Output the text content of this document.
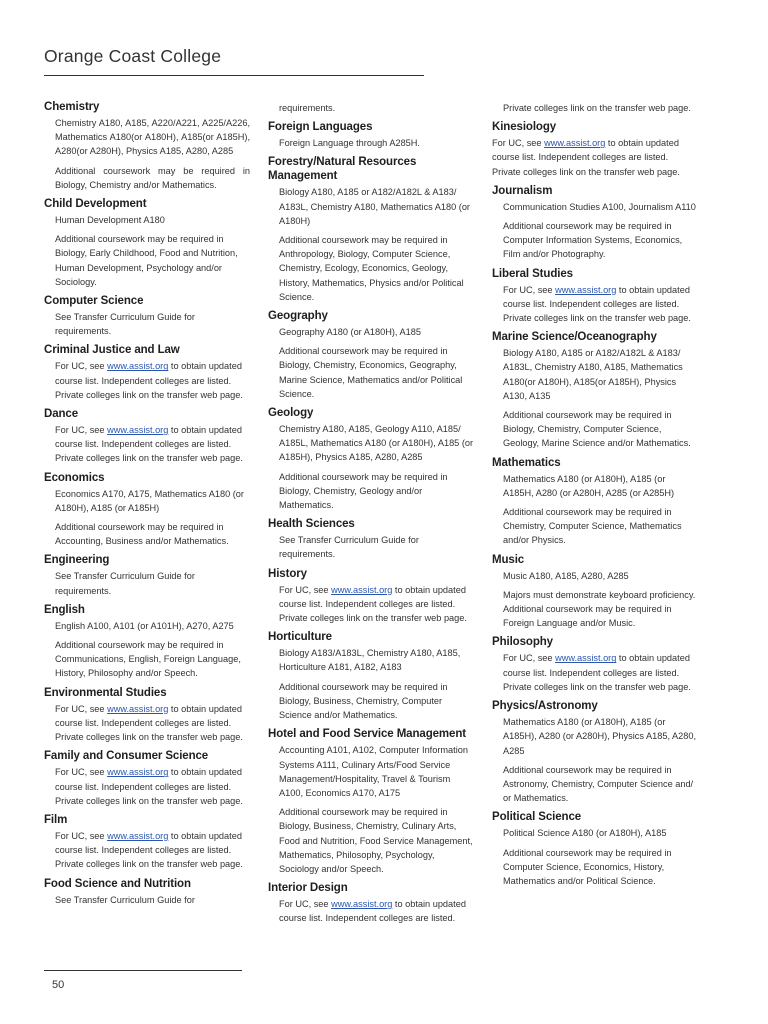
Orange Coast College
Chemistry

Chemistry A180, A185, A220/A221, A225/A226, Mathematics A180(or A180H), A185(or A185H), A280(or A280H), Physics A185, A280, A285

Additional coursework may be required in Biology, Chemistry and/or Mathematics.

Child Development

Human Development A180

Additional coursework may be required in Biology, Early Childhood, Food and Nutrition, Human Development, Psychology and/or Sociology.

Computer Science

See Transfer Curriculum Guide for requirements.

Criminal Justice and Law

For UC, see www.assist.org to obtain updated course list. Independent colleges are listed. Private colleges link on the transfer web page.

Dance

For UC, see www.assist.org to obtain updated course list. Independent colleges are listed. Private colleges link on the transfer web page.

Economics

Economics A170, A175, Mathematics A180 (or A180H), A185 (or A185H)

Additional coursework may be required in Accounting, Business and/or Mathematics.

Engineering

See Transfer Curriculum Guide for requirements.

English

English A100, A101 (or A101H), A270, A275

Additional coursework may be required in Communications, English, Foreign Language, History, Philosophy and/or Speech.

Environmental Studies

For UC, see www.assist.org to obtain updated course list. Independent colleges are listed. Private colleges link on the transfer web page.

Family and Consumer Science

For UC, see www.assist.org to obtain updated course list. Independent colleges are listed. Private colleges link on the transfer web page.

Film

For UC, see www.assist.org to obtain updated course list. Independent colleges are listed. Private colleges link on the transfer web page.

Food Science and Nutrition

See Transfer Curriculum Guide for

requirements.

Foreign Languages

Foreign Language through A285H.

Forestry/Natural Resources Management

Biology A180, A185 or A182/A182L & A183/ A183L, Chemistry A180, Mathematics A180 (or A180H)

Additional coursework may be required in Anthropology, Biology, Computer Science, Chemistry, Ecology, Economics, Geology, History, Mathematics, Physics and/or Political Science.

Geography

Geography A180 (or A180H), A185

Additional coursework may be required in Biology, Chemistry, Economics, Geography, Marine Science, Mathematics and/or Political Science.

Geology

Chemistry A180, A185, Geology A110, A185/ A185L, Mathematics A180 (or A180H), A185 (or A185H), Physics A185, A280, A285

Additional coursework may be required in Biology, Chemistry, Geology and/or Mathematics.

Health Sciences

See Transfer Curriculum Guide for requirements.

History

For UC, see www.assist.org to obtain updated course list. Independent colleges are listed. Private colleges link on the transfer web page.

Horticulture

Biology A183/A183L, Chemistry A180, A185, Horticulture A181, A182, A183

Additional coursework may be required in Biology, Business, Chemistry, Computer Science and/or Mathematics.

Hotel and Food Service Management

Accounting A101, A102, Computer Information Systems A111, Culinary Arts/Food Service Management/Hospitality, Travel & Tourism A100, Economics A170, A175

Additional coursework may be required in Biology, Business, Chemistry, Culinary Arts, Food and Nutrition, Food Service Management, Mathematics, Philosophy, Psychology, Sociology and/or Speech.

Interior Design

For UC, see www.assist.org to obtain updated course list. Independent colleges are listed.

Private colleges link on the transfer web page.

Kinesiology

For UC, see www.assist.org to obtain updated course list. Independent colleges are listed. Private colleges link on the transfer web page.

Journalism

Communication Studies A100, Journalism A110

Additional coursework may be required in Computer Information Systems, Economics, Film and/or Photography.

Liberal Studies

For UC, see www.assist.org to obtain updated course list. Independent colleges are listed. Private colleges link on the transfer web page.

Marine Science/Oceanography

Biology A180, A185 or A182/A182L & A183/ A183L, Chemistry A180, A185, Mathematics A180(or A180H), A185(or A185H), Physics A130, A135

Additional coursework may be required in Biology, Chemistry, Computer Science, Geology, Marine Science and/or Mathematics.

Mathematics

Mathematics A180 (or A180H), A185 (or A185H, A280 (or A280H, A285 (or A285H)

Additional coursework may be required in Chemistry, Computer Science, Mathematics and/or Physics.

Music

Music A180, A185, A280, A285

Majors must demonstrate keyboard proficiency. Additional coursework may be required in Foreign Language and/or Music.

Philosophy

For UC, see www.assist.org to obtain updated course list. Independent colleges are listed. Private colleges link on the transfer web page.

Physics/Astronomy

Mathematics A180 (or A180H), A185 (or A185H), A280 (or A280H), Physics A185, A280, A285

Additional coursework may be required in Astronomy, Chemistry, Computer Science and/ or Mathematics.

Political Science

Political Science A180 (or A180H), A185

Additional coursework may be required in Computer Science, Economics, History, Mathematics and/or Political Science.

50
